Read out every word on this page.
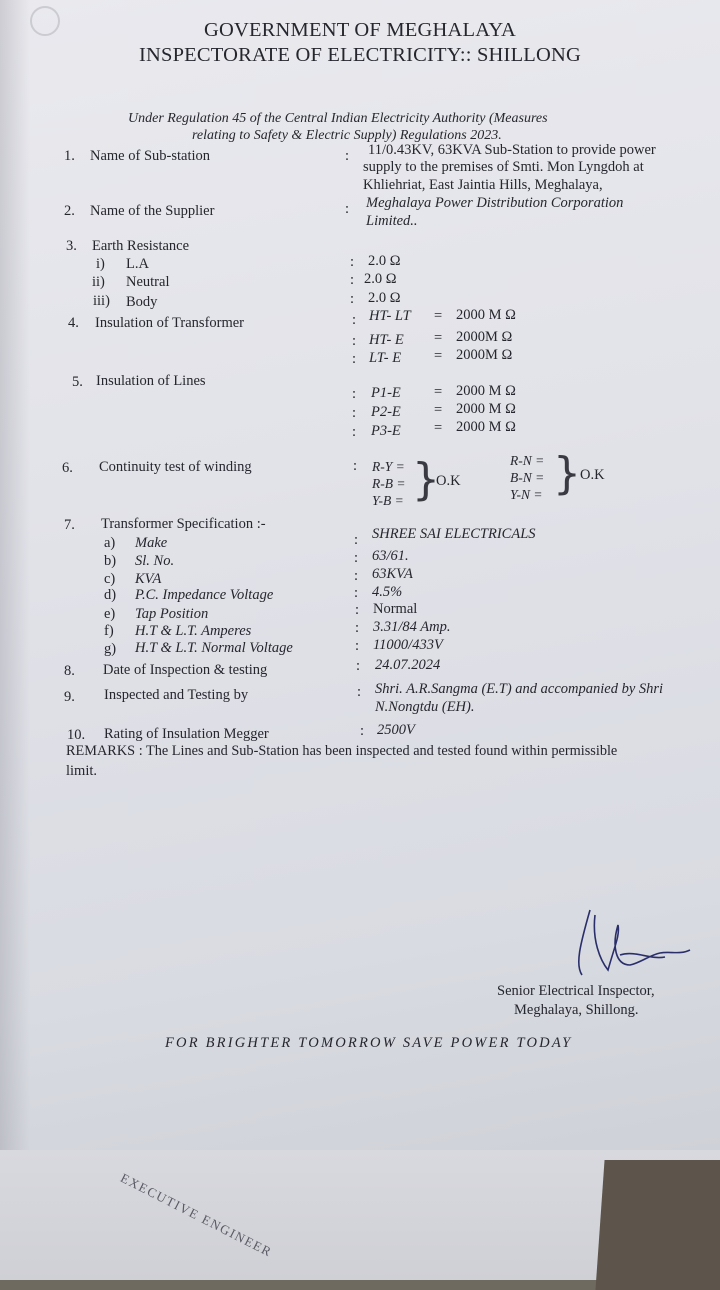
GOVERNMENT OF MEGHALAYA
INSPECTORATE OF ELECTRICITY:: SHILLONG
Under Regulation 45 of the Central Indian Electricity Authority (Measures
relating to Safety & Electric Supply) Regulations 2023.
1. Name of Sub-station	: 11/0.43KV, 63KVA Sub-Station to provide power
supply to the premises of Smti. Mon Lyngdoh at
Khliehriat, East Jaintia Hills, Meghalaya,
2. Name of the Supplier	: Meghalaya Power Distribution Corporation
Limited..
3. Earth Resistance
i) L.A	: 2.0 Ω
ii) Neutral	: 2.0 Ω
iii) Body	: 2.0 Ω
4. Insulation of Transformer	: HT- LT = 2000 M Ω
: HT- E = 2000M Ω
: LT- E = 2000M Ω
5. Insulation of Lines
: P1-E = 2000 M Ω
: P2-E = 2000 M Ω
: P3-E = 2000 M Ω
6. Continuity test of winding	: R-Y =
R-B =
Y-B = }
O.K
R-N =
B-N =
Y-N = } O.K
7. Transformer Specification :-
a) Make	: SHREE SAI ELECTRICALS
b) Sl. No.	: 63/61.
c) KVA	: 63KVA
d) P.C. Impedance Voltage	: 4.5%
e) Tap Position	: Normal
f) H.T & L.T. Amperes	: 3.31/84 Amp.
g) H.T & L.T. Normal Voltage	: 11000/433V
8. Date of Inspection & testing	: 24.07.2024
9. Inspected and Testing by	: Shri. A.R.Sangma (E.T) and accompanied by Shri
N.Nongtdu (EH).
10. Rating of Insulation Megger	: 2500V
REMARKS : The Lines and Sub-Station has been inspected and tested found within permissible
limit.
Senior Electrical Inspector,
Meghalaya, Shillong.
FOR BRIGHTER TOMORROW SAVE POWER TODAY
EXECUTIVE ENGINEER
